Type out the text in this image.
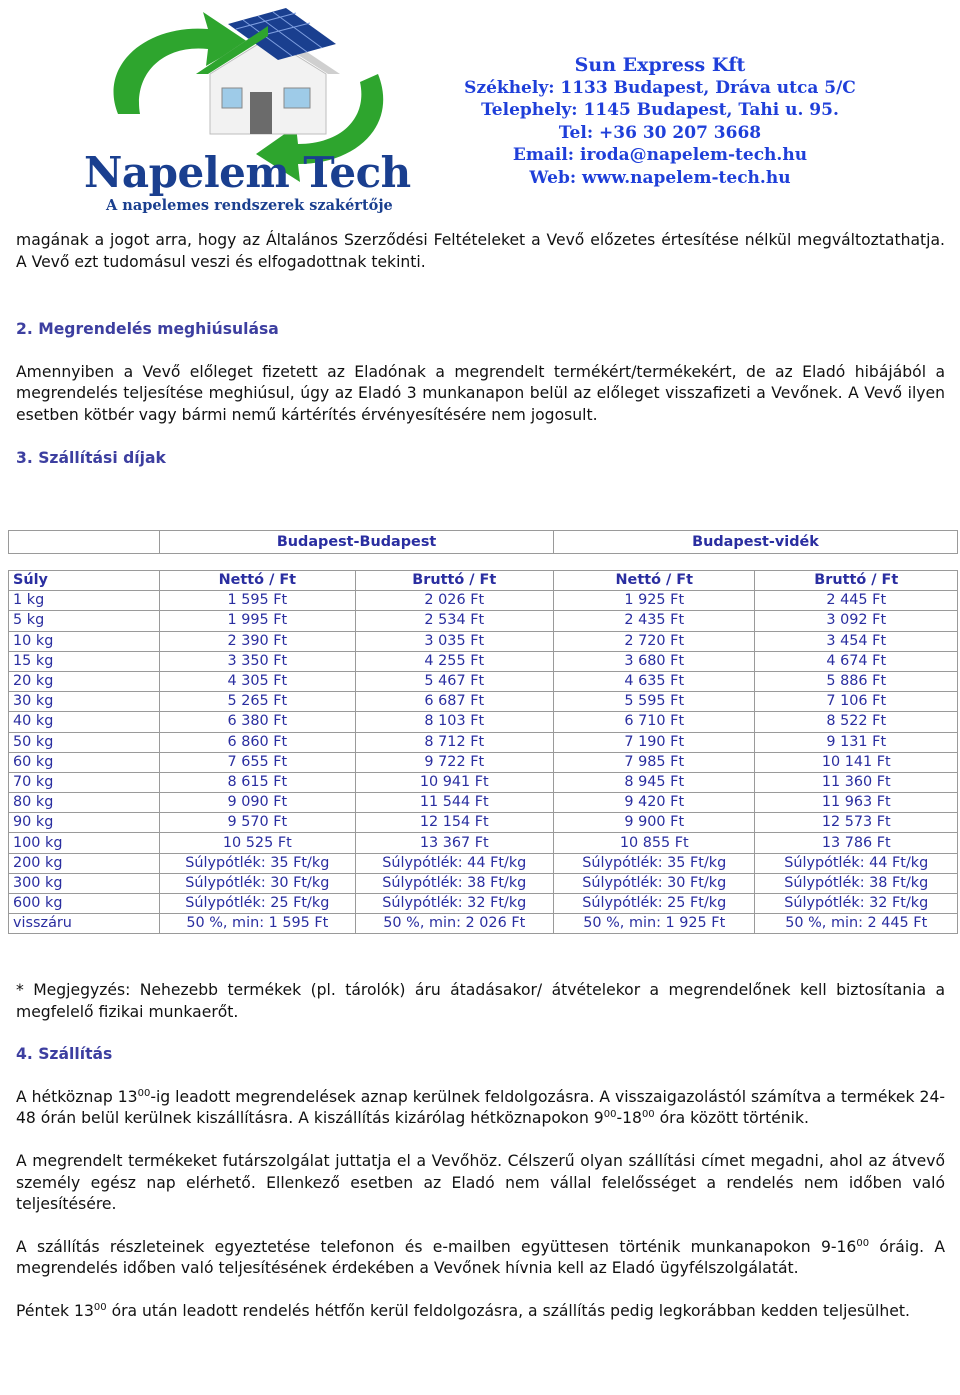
Napelem Tech
A napelemes rendszerek szakértője
Sun Express Kft
Székhely: 1133 Budapest, Dráva utca 5/C
Telephely: 1145 Budapest, Tahi u. 95.
Tel: +36 30 207 3668
Email: iroda@napelem-tech.hu
Web: www.napelem-tech.hu

magának a jogot arra, hogy az Általános Szerződési Feltételeket a Vevő előzetes értesítése nélkül megváltoztathatja. A Vevő ezt tudomásul veszi és elfogadottnak tekinti.

2. Megrendelés meghiúsulása

Amennyiben a Vevő előleget fizetett az Eladónak a megrendelt termékért/termékekért, de az Eladó hibájából a megrendelés teljesítése meghiúsul, úgy az Eladó 3 munkanapon belül az előleget visszafizeti a Vevőnek. A Vevő ilyen esetben kötbér vagy bármi nemű kártérítés érvényesítésére nem jogosult.

3. Szállítási díjak
	Budapest-Budapest		Budapest-vidék	

Súly	Nettó / Ft	Bruttó / Ft	Nettó / Ft	Bruttó / Ft
1 kg	1 595 Ft	2 026 Ft	1 925 Ft	2 445 Ft
5 kg	1 995 Ft	2 534 Ft	2 435 Ft	3 092 Ft
10 kg	2 390 Ft	3 035 Ft	2 720 Ft	3 454 Ft
15 kg	3 350 Ft	4 255 Ft	3 680 Ft	4 674 Ft
20 kg	4 305 Ft	5 467 Ft	4 635 Ft	5 886 Ft
30 kg	5 265 Ft	6 687 Ft	5 595 Ft	7 106 Ft
40 kg	6 380 Ft	8 103 Ft	6 710 Ft	8 522 Ft
50 kg	6 860 Ft	8 712 Ft	7 190 Ft	9 131 Ft
60 kg	7 655 Ft	9 722 Ft	7 985 Ft	10 141 Ft
70 kg	8 615 Ft	10 941 Ft	8 945 Ft	11 360 Ft
80 kg	9 090 Ft	11 544 Ft	9 420 Ft	11 963 Ft
90 kg	9 570 Ft	12 154 Ft	9 900 Ft	12 573 Ft
100 kg	10 525 Ft	13 367 Ft	10 855 Ft	13 786 Ft
200 kg	Súlypótlék: 35 Ft/kg	Súlypótlék: 44 Ft/kg	Súlypótlék: 35 Ft/kg	Súlypótlék: 44 Ft/kg
300 kg	Súlypótlék: 30 Ft/kg	Súlypótlék: 38 Ft/kg	Súlypótlék: 30 Ft/kg	Súlypótlék: 38 Ft/kg
600 kg	Súlypótlék: 25 Ft/kg	Súlypótlék: 32 Ft/kg	Súlypótlék: 25 Ft/kg	Súlypótlék: 32 Ft/kg
visszáru	50 %, min: 1 595 Ft	50 %, min: 2 026 Ft	50 %, min: 1 925 Ft	50 %, min: 2 445 Ft

* Megjegyzés: Nehezebb termékek (pl. tárolók) áru átadásakor/ átvételekor a megrendelőnek kell biztosítania a megfelelő fizikai munkaerőt.

4. Szállítás

A hétköznap $13^{00}-ig$ leadott megrendelések aznap kerülnek feldolgozásra. A visszaigazolástól számítva a termékek 24-48 órán belül kerülnek kiszállításra. A kiszállítás kizárólag hétköznapokon $9^{00}-18^{00}$ óra között történik.

A megrendelt termékeket futárszolgálat juttatja el a Vevőhöz. Célszerű olyan szállítási címet megadni, ahol az átvevő személy egész nap elérhető. Ellenkező esetben az Eladó nem vállal felelősséget a rendelés nem időben való teljesítésére.

A szállítás részleteinek egyeztetése telefonon és e-mailben együttesen történik munkanapokon $9-16^{00}$ óráig. A megrendelés időben való teljesítésének érdekében a Vevőnek hívnia kell az Eladó ügyfélszolgálatát.

Péntek $13^{00}$ óra után leadott rendelés hétfőn kerül feldolgozásra, a szállítás pedig legkorábban kedden teljesülhet.
